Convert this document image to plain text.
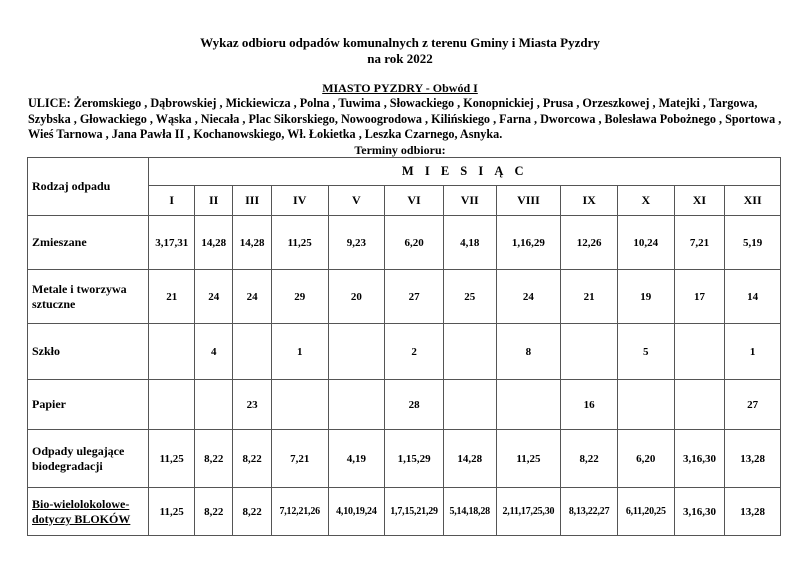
Wykaz odbioru odpadów komunalnych z terenu Gminy i Miasta Pyzdry
na rok 2022
MIASTO PYZDRY - Obwód I
ULICE: Żeromskiego , Dąbrowskiej , Mickiewicza , Polna , Tuwima , Słowackiego , Konopnickiej , Prusa , Orzeszkowej , Matejki , Targowa, Szybska , Głowackiego , Wąska , Niecała , Plac Sikorskiego, Nowoogrodowa , Kilińskiego , Farna , Dworcowa , Bolesława Pobożnego , Sportowa , Wieś Tarnowa , Jana Pawła II , Kochanowskiego, Wł. Łokietka , Leszka Czarnego, Asnyka.
Terminy odbioru:
Rodzaj odpadu	M I E S I Ą C											
	I	II	III	IV	V	VI	VII	VIII	IX	X	XI	XII
Zmieszane	3,17,31	14,28	14,28	11,25	9,23	6,20	4,18	1,16,29	12,26	10,24	7,21	5,19
Metale i tworzywa sztuczne	21	24	24	29	20	27	25	24	21	19	17	14
Szkło		4		1		2		8		5		1
Papier			23			28			16			27
Odpady ulegające biodegradacji	11,25	8,22	8,22	7,21	4,19	1,15,29	14,28	11,25	8,22	6,20	3,16,30	13,28
Bio-wielolokolowe-dotyczy BLOKÓW	11,25	8,22	8,22	7,12,21,26	4,10,19,24	1,7,15,21,29	5,14,18,28	2,11,17,25,30	8,13,22,27	6,11,20,25	3,16,30	13,28
